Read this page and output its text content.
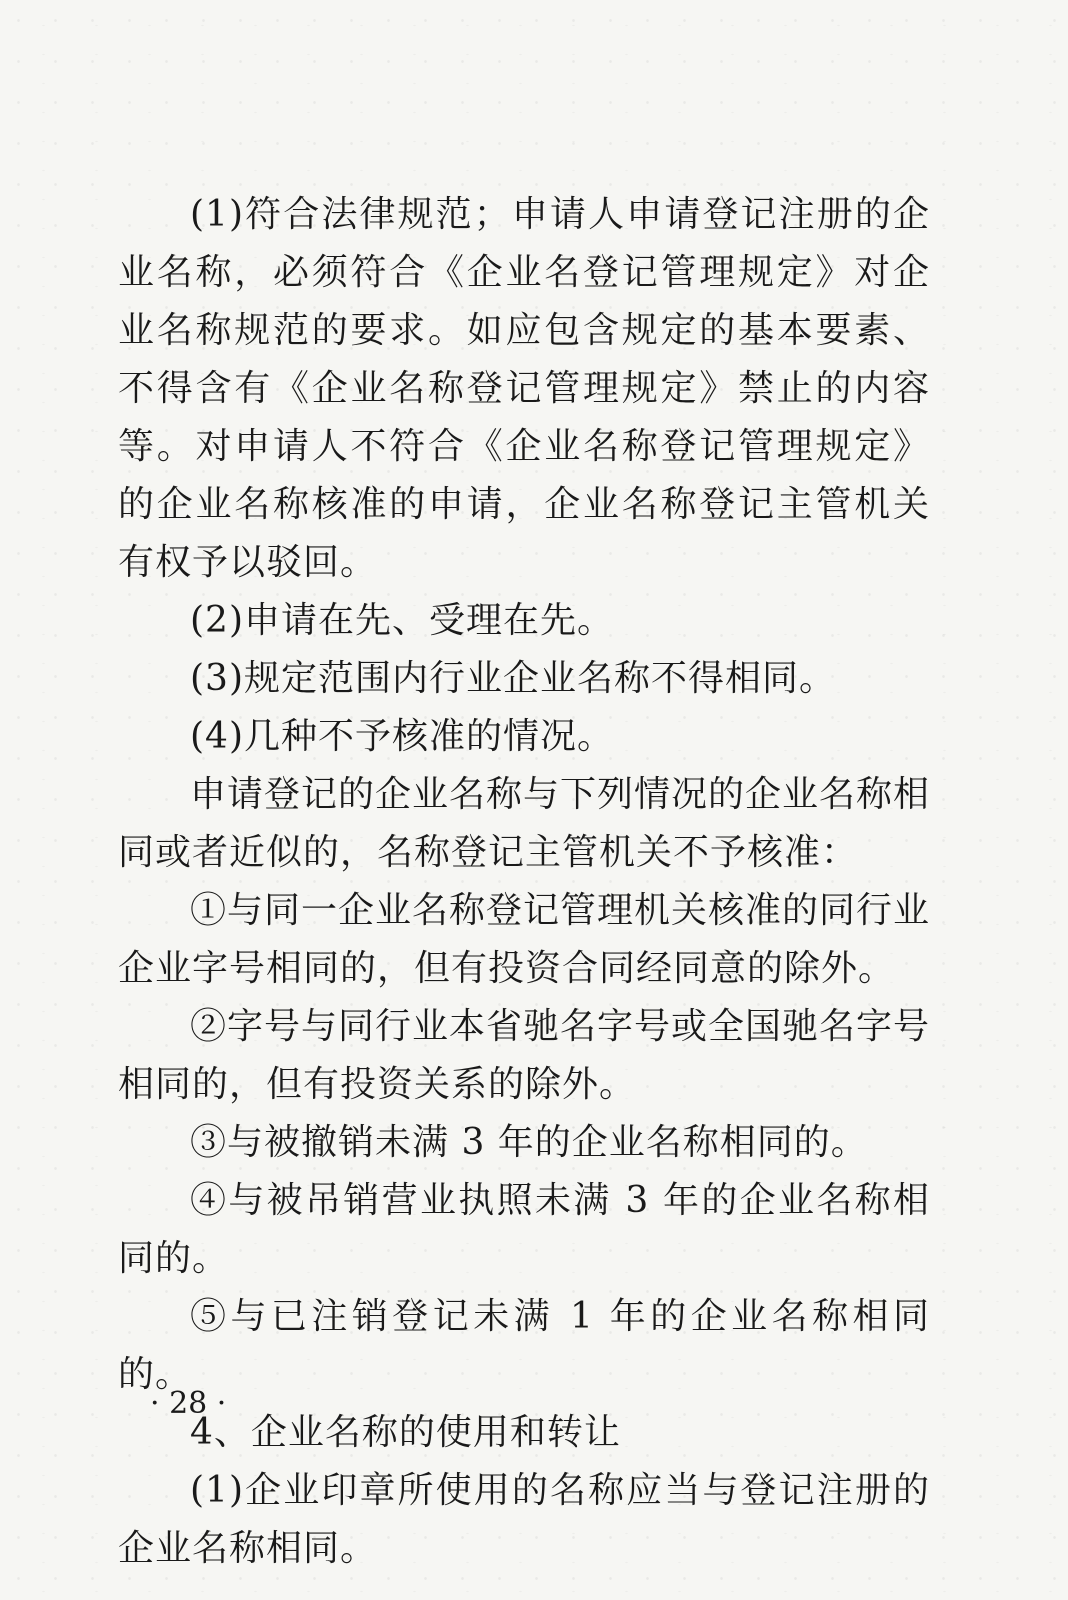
(1)符合法律规范；申请人申请登记注册的企业名称，必须符合《企业名登记管理规定》对企业名称规范的要求。如应包含规定的基本要素、不得含有《企业名称登记管理规定》禁止的内容等。对申请人不符合《企业名称登记管理规定》的企业名称核准的申请，企业名称登记主管机关有权予以驳回。

(2)申请在先、受理在先。

(3)规定范围内行业企业名称不得相同。

(4)几种不予核准的情况。

申请登记的企业名称与下列情况的企业名称相同或者近似的，名称登记主管机关不予核准：

①与同一企业名称登记管理机关核准的同行业企业字号相同的，但有投资合同经同意的除外。

②字号与同行业本省驰名字号或全国驰名字号相同的，但有投资关系的除外。

③与被撤销未满 3 年的企业名称相同的。

④与被吊销营业执照未满 3 年的企业名称相同的。

⑤与已注销登记未满 1 年的企业名称相同的。

4、企业名称的使用和转让

(1)企业印章所使用的名称应当与登记注册的企业名称相同。

· 28 ·
